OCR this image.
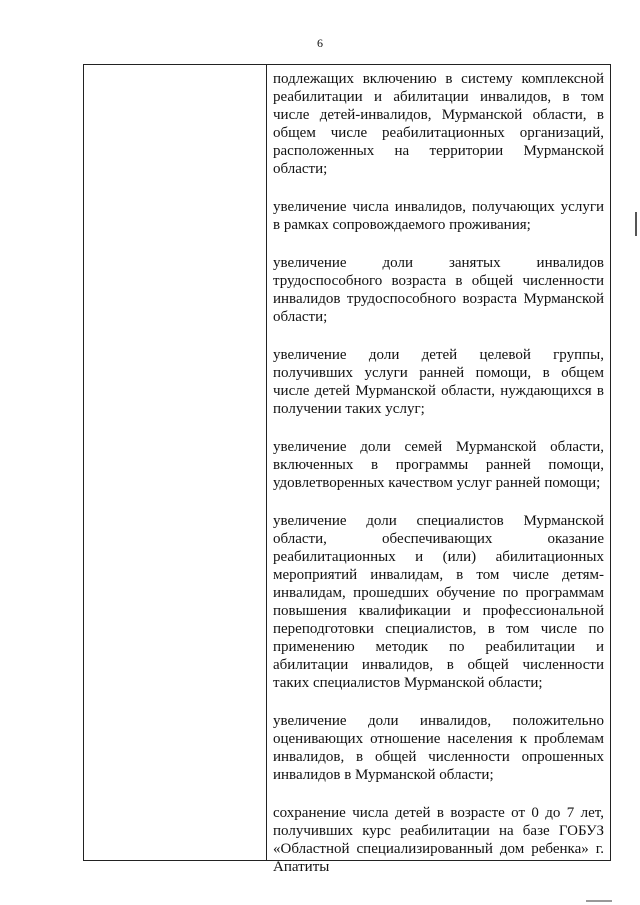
6

подлежащих включению в систему комплексной реабилитации и абилитации инвалидов, в том числе детей-инвалидов, Мурманской области, в общем числе реабилитационных организаций, расположенных на территории Мурманской области;

увеличение числа инвалидов, получающих услуги в рамках сопровождаемого проживания;

увеличение доли занятых инвалидов трудоспособного возраста в общей численности инвалидов трудоспособного возраста Мурманской области;

увеличение доли детей целевой группы, получивших услуги ранней помощи, в общем числе детей Мурманской области, нуждающихся в получении таких услуг;

увеличение доли семей Мурманской области, включенных в программы ранней помощи, удовлетворенных качеством услуг ранней помощи;

увеличение доли специалистов Мурманской области, обеспечивающих оказание реабилитационных и (или) абилитационных мероприятий инвалидам, в том числе детям-инвалидам, прошедших обучение по программам повышения квалификации и профессиональной переподготовки специалистов, в том числе по применению методик по реабилитации и абилитации инвалидов, в общей численности таких специалистов Мурманской области;

увеличение доли инвалидов, положительно оценивающих отношение населения к проблемам инвалидов, в общей численности опрошенных инвалидов в Мурманской области;

сохранение числа детей в возрасте от 0 до 7 лет, получивших курс реабилитации на базе ГОБУЗ «Областной специализированный дом ребенка» г. Апатиты
